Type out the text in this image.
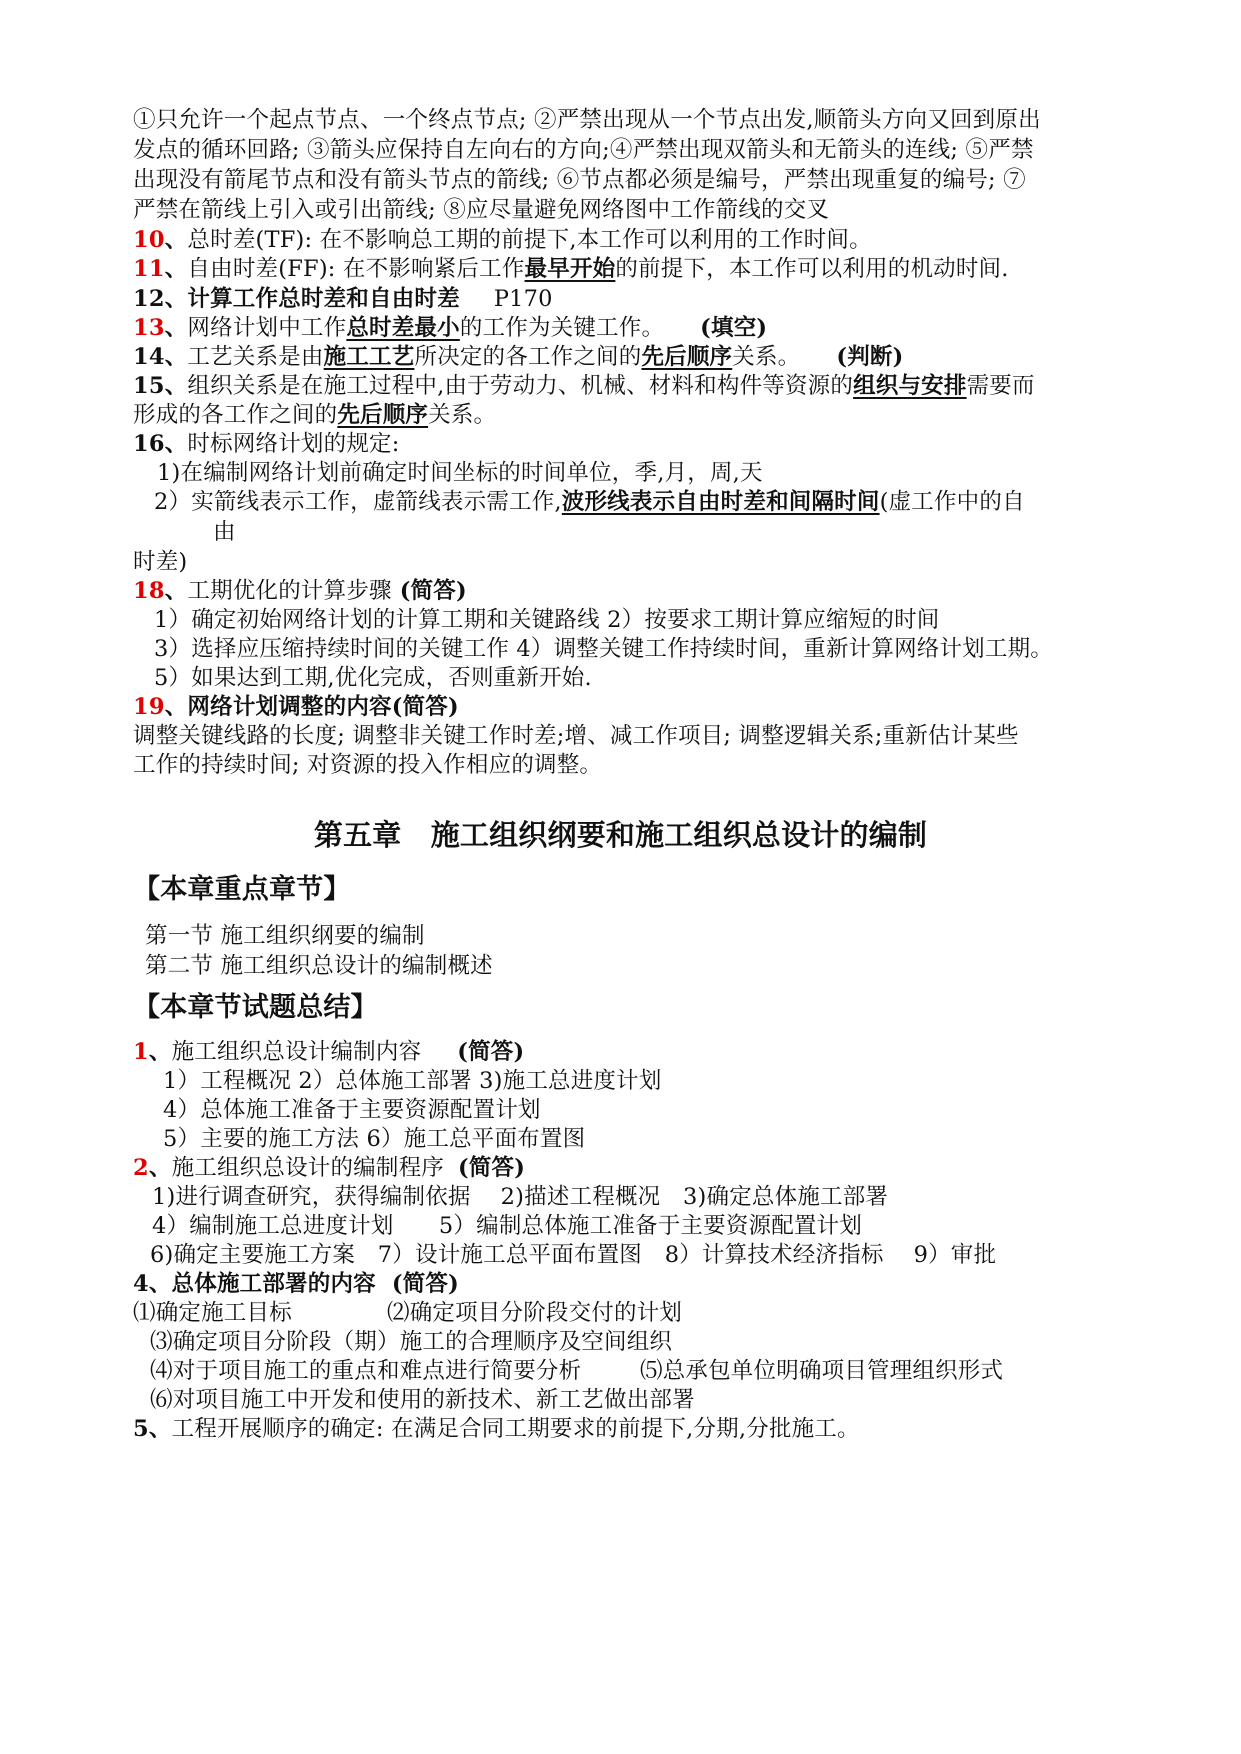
①只允许一个起点节点、一个终点节点; ②严禁出现从一个节点出发,顺箭头方向又回到原出
发点的循环回路; ③箭头应保持自左向右的方向;④严禁出现双箭头和无箭头的连线; ⑤严禁
出现没有箭尾节点和没有箭头节点的箭线; ⑥节点都必须是编号，严禁出现重复的编号; ⑦
严禁在箭线上引入或引出箭线; ⑧应尽量避免网络图中工作箭线的交叉
10、总时差(TF): 在不影响总工期的前提下,本工作可以利用的工作时间。
11、自由时差(FF): 在不影响紧后工作最早开始的前提下，本工作可以利用的机动时间.
12、计算工作总时差和自由时差 P170
13、网络计划中工作总时差最小的工作为关键工作。 (填空)
14、工艺关系是由施工工艺所决定的各工作之间的先后顺序关系。 (判断)
15、组织关系是在施工过程中,由于劳动力、机械、材料和构件等资源的组织与安排需要而
形成的各工作之间的先后顺序关系。
16、时标网络计划的规定:
1)在编制网络计划前确定时间坐标的时间单位，季,月，周,天
2）实箭线表示工作，虚箭线表示需工作,波形线表示自由时差和间隔时间(虚工作中的自
由
时差)
18、工期优化的计算步骤 (简答)
1）确定初始网络计划的计算工期和关键路线 2）按要求工期计算应缩短的时间
3）选择应压缩持续时间的关键工作 4）调整关键工作持续时间，重新计算网络计划工期。
5）如果达到工期,优化完成，否则重新开始.
19、网络计划调整的内容(简答)
调整关键线路的长度; 调整非关键工作时差;增、减工作项目; 调整逻辑关系;重新估计某些
工作的持续时间; 对资源的投入作相应的调整。
第五章　施工组织纲要和施工组织总设计的编制
【本章重点章节】
第一节 施工组织纲要的编制
第二节 施工组织总设计的编制概述
【本章节试题总结】
1、施工组织总设计编制内容 (简答)
1）工程概况 2）总体施工部署 3)施工总进度计划
4）总体施工准备于主要资源配置计划
5）主要的施工方法 6）施工总平面布置图
2、施工组织总设计的编制程序 (简答)
1)进行调查研究，获得编制依据　 2)描述工程概况　3)确定总体施工部署
4）编制施工总进度计划　　5）编制总体施工准备于主要资源配置计划
6)确定主要施工方案　7）设计施工总平面布置图　8）计算技术经济指标　 9）审批
4、总体施工部署的内容 (简答)
⑴确定施工目标	⑵确定项目分阶段交付的计划
⑶确定项目分阶段（期）施工的合理顺序及空间组织
⑷对于项目施工的重点和难点进行简要分析	⑸总承包单位明确项目管理组织形式
⑹对项目施工中开发和使用的新技术、新工艺做出部署
5、工程开展顺序的确定: 在满足合同工期要求的前提下,分期,分批施工。
